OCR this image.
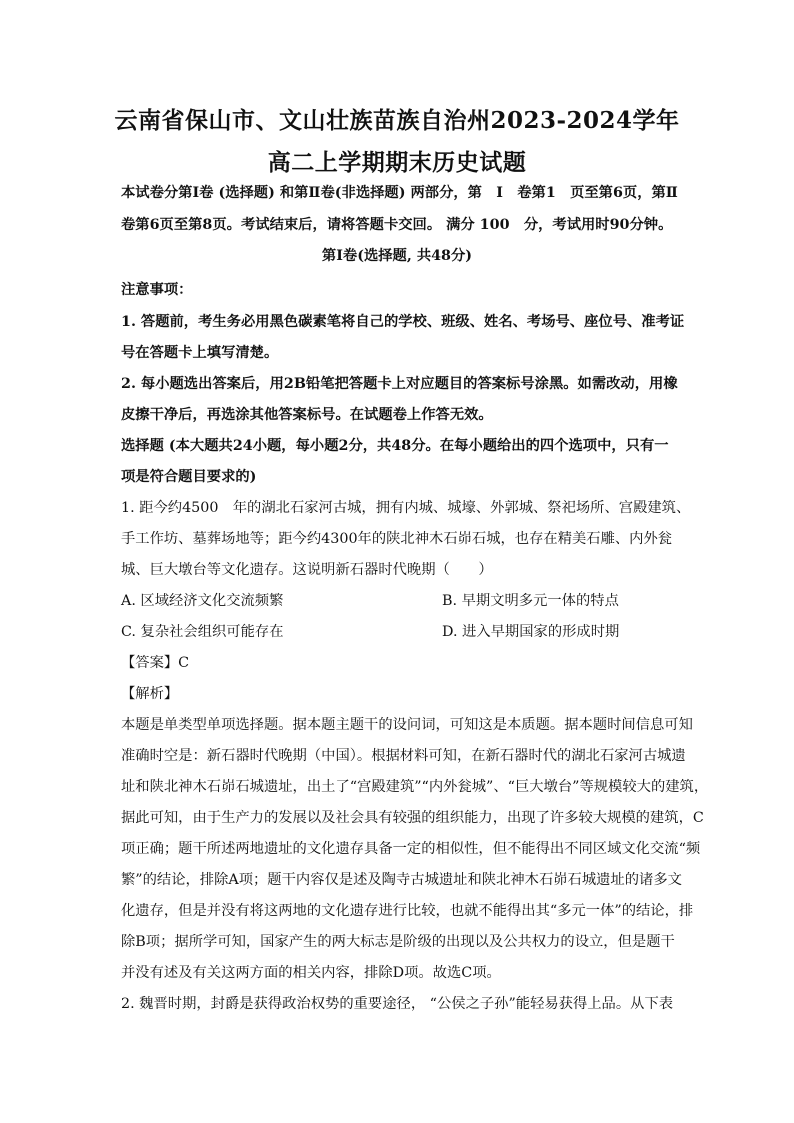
云南省保山市、文山壮族苗族自治州2023-2024学年
高二上学期期末历史试题
本试卷分第Ⅰ卷 (选择题) 和第Ⅱ卷(非选择题) 两部分，第　Ⅰ　卷第1　页至第6页，第Ⅱ
卷第6页至第8页。考试结束后，请将答题卡交回。 满分 100　分，考试用时90分钟。
第Ⅰ卷(选择题, 共48分)
注意事项：
1. 答题前，考生务必用黑色碳素笔将自己的学校、班级、姓名、考场号、座位号、准考证
号在答题卡上填写清楚。
2. 每小题选出答案后，用2B铅笔把答题卡上对应题目的答案标号涂黑。如需改动，用橡
皮擦干净后，再选涂其他答案标号。在试题卷上作答无效。
选择题 (本大题共24小题，每小题2分，共48分。在每小题给出的四个选项中，只有一
项是符合题目要求的)
1. 距今约4500　年的湖北石家河古城，拥有内城、城壕、外郭城、祭祀场所、宫殿建筑、
手工作坊、墓葬场地等；距今约4300年的陕北神木石峁石城，也存在精美石雕、内外瓮
城、巨大墩台等文化遗存。这说明新石器时代晚期（　　）
A. 区域经济文化交流频繁	B. 早期文明多元一体的特点
C. 复杂社会组织可能存在	D. 进入早期国家的形成时期
【答案】C
【解析】
本题是单类型单项选择题。据本题主题干的设问词，可知这是本质题。据本题时间信息可知
准确时空是：新石器时代晚期（中国）。根据材料可知，在新石器时代的湖北石家河古城遗
址和陕北神木石峁石城遗址，出土了“宫殿建筑”“内外瓮城”、“巨大墩台”等规模较大的建筑，
据此可知，由于生产力的发展以及社会具有较强的组织能力，出现了许多较大规模的建筑，C
项正确；题干所述两地遗址的文化遗存具备一定的相似性，但不能得出不同区域文化交流“频
繁”的结论，排除A项；题干内容仅是述及陶寺古城遗址和陕北神木石峁石城遗址的诸多文
化遗存，但是并没有将这两地的文化遗存进行比较，也就不能得出其“多元一体”的结论，排
除B项；据所学可知，国家产生的两大标志是阶级的出现以及公共权力的设立，但是题干
并没有述及有关这两方面的相关内容，排除D项。故选C项。
2. 魏晋时期，封爵是获得政治权势的重要途径， “公侯之子孙”能轻易获得上品。从下表
